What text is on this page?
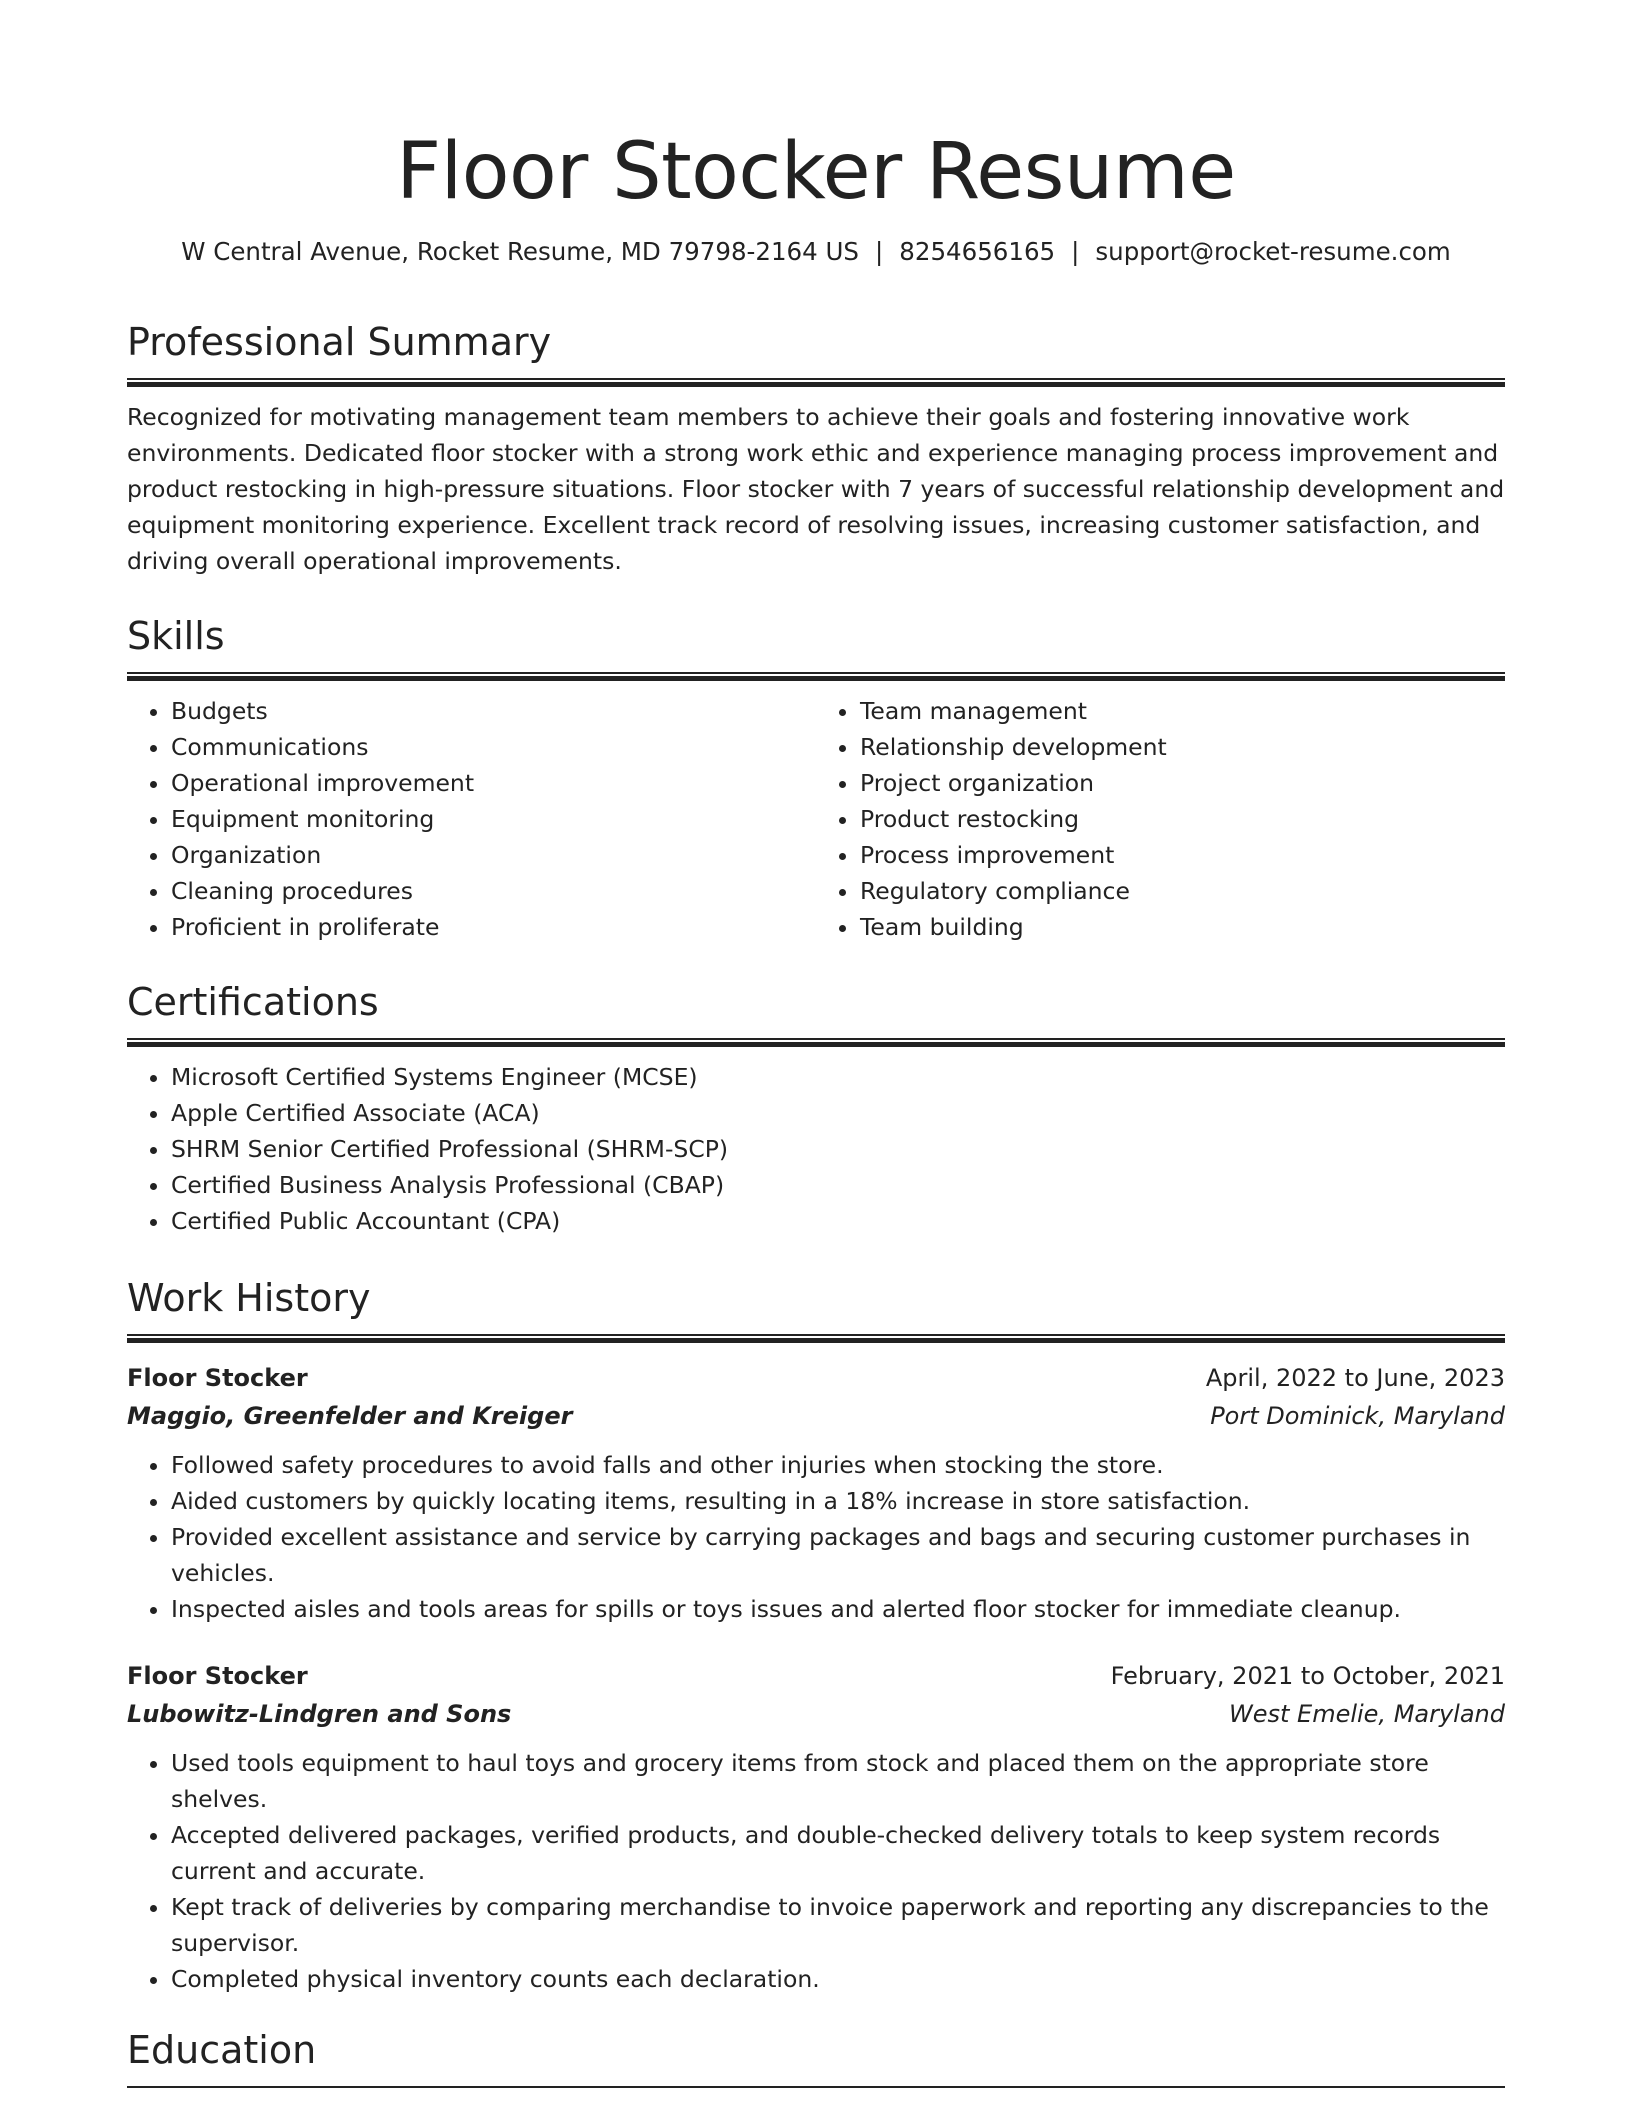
Floor Stocker Resume
W Central Avenue, Rocket Resume, MD 79798-2164 US | 8254656165 | support@rocket-resume.com
Professional Summary

Recognized for motivating management team members to achieve their goals and fostering innovative work environments. Dedicated floor stocker with a strong work ethic and experience managing process improvement and product restocking in high-pressure situations. Floor stocker with 7 years of successful relationship development and equipment monitoring experience. Excellent track record of resolving issues, increasing customer satisfaction, and driving overall operational improvements.

Skills
• Budgets
• Communications
• Operational improvement
• Equipment monitoring
• Organization
• Cleaning procedures
• Proficient in proliferate
• Team management
• Relationship development
• Project organization
• Product restocking
• Process improvement
• Regulatory compliance
• Team building
Certifications
• Microsoft Certified Systems Engineer (MCSE)
• Apple Certified Associate (ACA)
• SHRM Senior Certified Professional (SHRM-SCP)
• Certified Business Analysis Professional (CBAP)
• Certified Public Accountant (CPA)
Work History
Floor Stocker	April, 2022 to June, 2023
Maggio, Greenfelder and Kreiger	Port Dominick, Maryland
• Followed safety procedures to avoid falls and other injuries when stocking the store.
• Aided customers by quickly locating items, resulting in a 18% increase in store satisfaction.
• Provided excellent assistance and service by carrying packages and bags and securing customer purchases in vehicles.
• Inspected aisles and tools areas for spills or toys issues and alerted floor stocker for immediate cleanup.
Floor Stocker	February, 2021 to October, 2021
Lubowitz-Lindgren and Sons	West Emelie, Maryland
• Used tools equipment to haul toys and grocery items from stock and placed them on the appropriate store shelves.
• Accepted delivered packages, verified products, and double-checked delivery totals to keep system records current and accurate.
• Kept track of deliveries by comparing merchandise to invoice paperwork and reporting any discrepancies to the supervisor.
• Completed physical inventory counts each declaration.
Education
